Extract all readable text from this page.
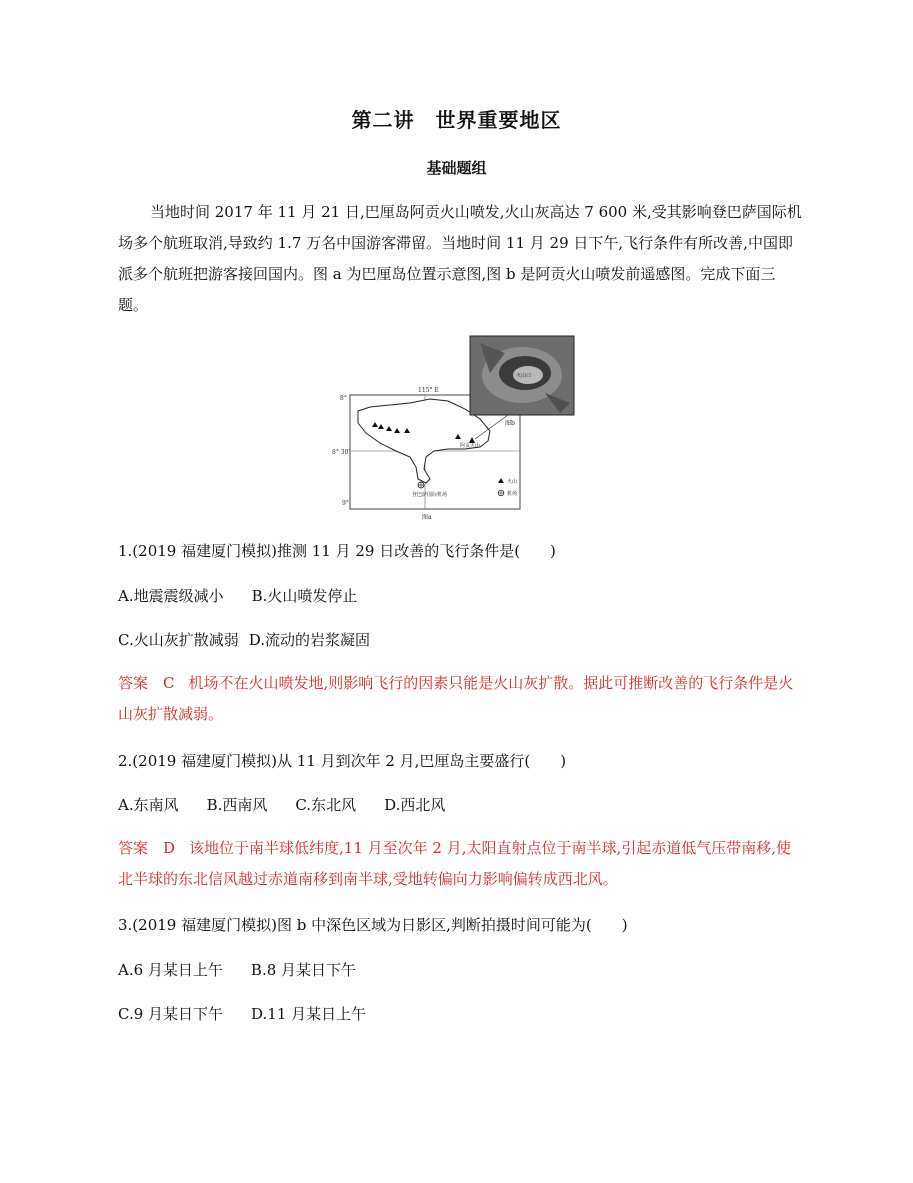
第二讲　世界重要地区
基础题组

当地时间 2017 年 11 月 21 日,巴厘岛阿贡火山喷发,火山灰高达 7 600 米,受其影响登巴萨国际机场多个航班取消,导致约 1.7 万名中国游客滞留。当地时间 11 月 29 日下午,飞行条件有所改善,中国即派多个航班把游客接回国内。图 a 为巴厘岛位置示意图,图 b 是阿贡火山喷发前遥感图。完成下面三题。

115° E
8°
8° 30′
9°
阿贡火山
登巴萨国际机场
火山
机场
图a
火山口
图b

1.(2019 福建厦门模拟)推测 11 月 29 日改善的飞行条件是(　　)

A.地震震级减小 B.火山喷发停止

C.火山灰扩散减弱 D.流动的岩浆凝固

答案　C 机场不在火山喷发地,则影响飞行的因素只能是火山灰扩散。据此可推断改善的飞行条件是火山灰扩散减弱。

2.(2019 福建厦门模拟)从 11 月到次年 2 月,巴厘岛主要盛行(　　)

A.东南风 B.西南风 C.东北风 D.西北风

答案　D 该地位于南半球低纬度,11 月至次年 2 月,太阳直射点位于南半球,引起赤道低气压带南移,使北半球的东北信风越过赤道南移到南半球,受地转偏向力影响偏转成西北风。

3.(2019 福建厦门模拟)图 b 中深色区域为日影区,判断拍摄时间可能为(　　)

A.6 月某日上午 B.8 月某日下午

C.9 月某日下午 D.11 月某日上午
